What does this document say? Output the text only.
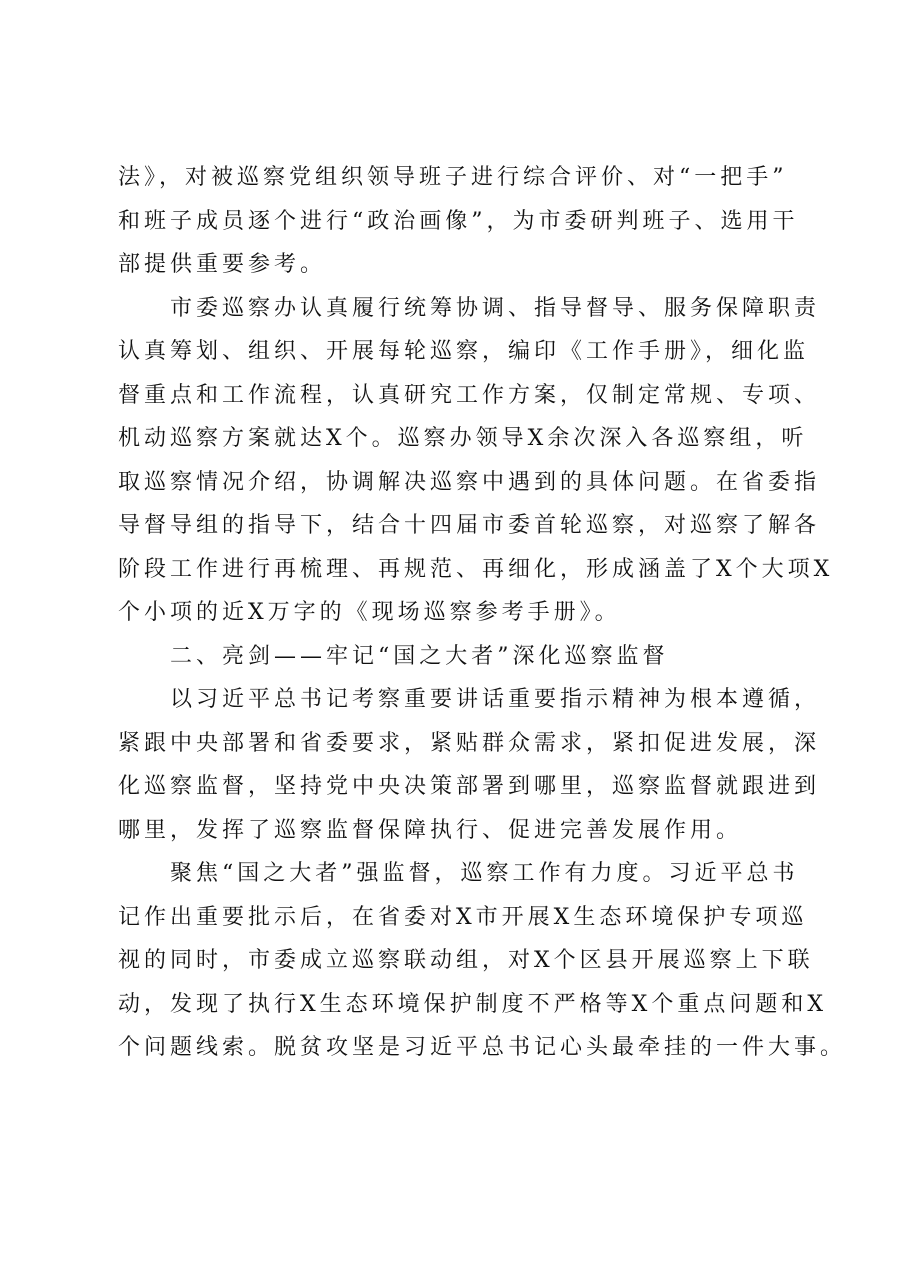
法》，对被巡察党组织领导班子进行综合评价、对“一把手”
和班子成员逐个进行“政治画像”，为市委研判班子、选用干
部提供重要参考。
市委巡察办认真履行统筹协调、指导督导、服务保障职责
认真筹划、组织、开展每轮巡察，编印《工作手册》，细化监
督重点和工作流程，认真研究工作方案，仅制定常规、专项、
机动巡察方案就达X个。巡察办领导X余次深入各巡察组，听
取巡察情况介绍，协调解决巡察中遇到的具体问题。在省委指
导督导组的指导下，结合十四届市委首轮巡察，对巡察了解各
阶段工作进行再梳理、再规范、再细化，形成涵盖了X个大项X
个小项的近X万字的《现场巡察参考手册》。
二、亮剑——牢记“国之大者”深化巡察监督
以习近平总书记考察重要讲话重要指示精神为根本遵循，
紧跟中央部署和省委要求，紧贴群众需求，紧扣促进发展，深
化巡察监督，坚持党中央决策部署到哪里，巡察监督就跟进到
哪里，发挥了巡察监督保障执行、促进完善发展作用。
聚焦“国之大者”强监督，巡察工作有力度。习近平总书
记作出重要批示后，在省委对X市开展X生态环境保护专项巡
视的同时，市委成立巡察联动组，对X个区县开展巡察上下联
动，发现了执行X生态环境保护制度不严格等X个重点问题和X
个问题线索。脱贫攻坚是习近平总书记心头最牵挂的一件大事。
